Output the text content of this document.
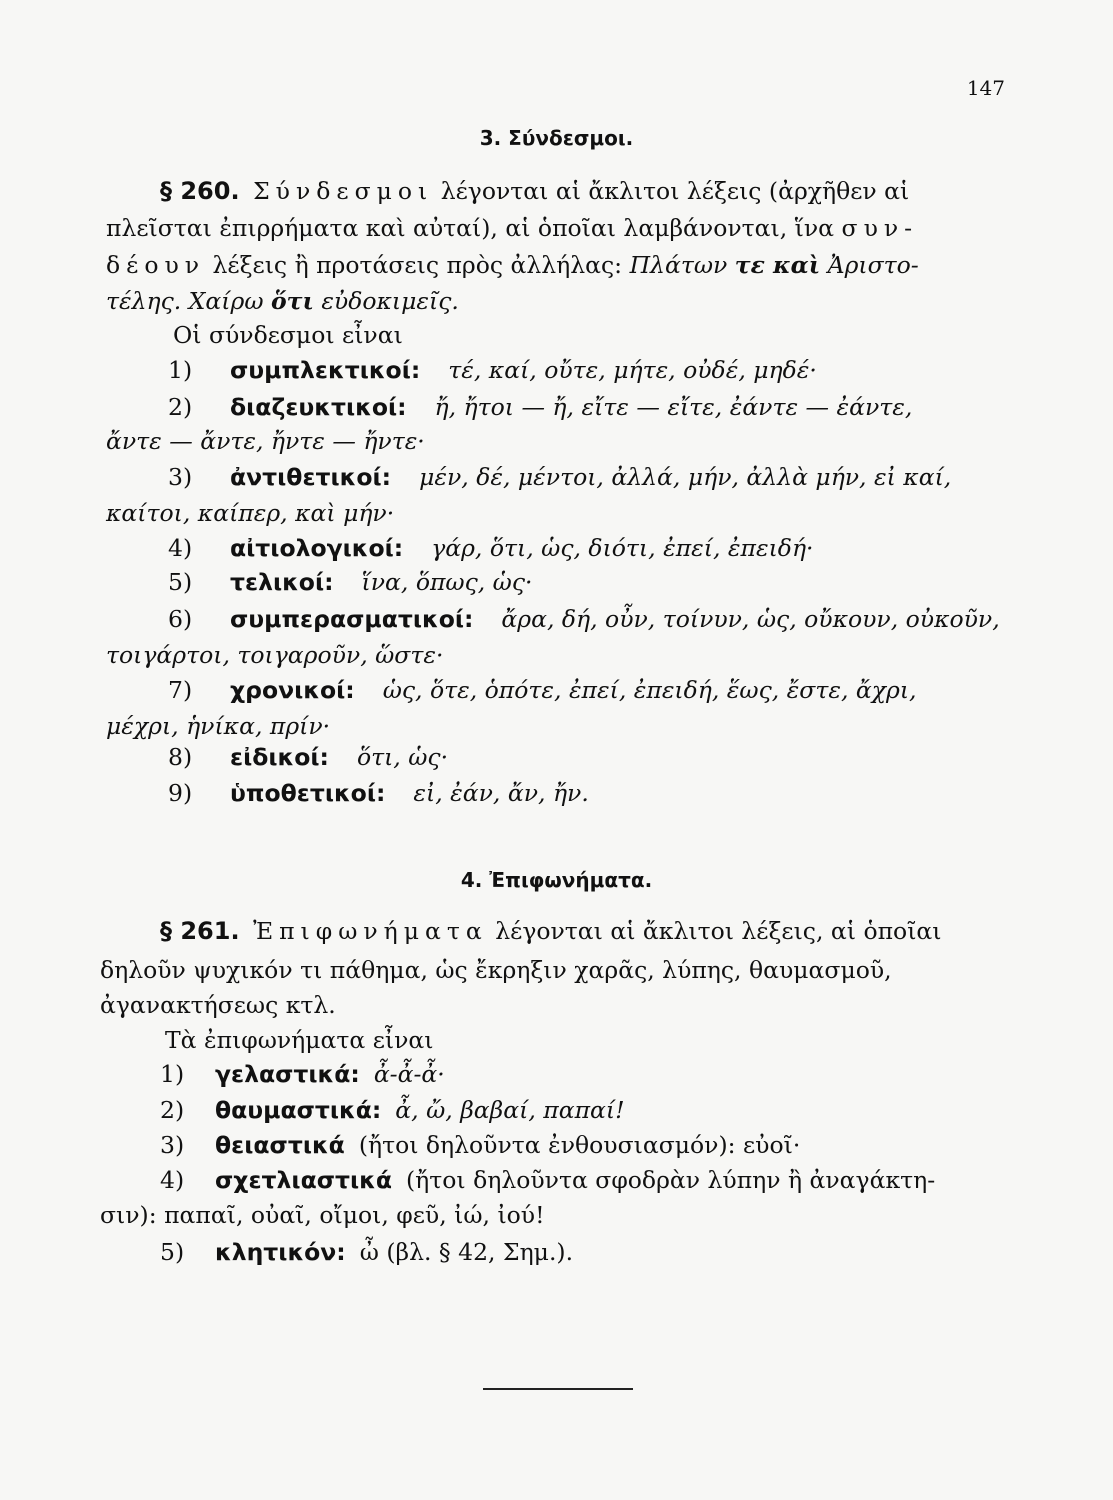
147
3. Σύνδεσμοι.
§ 260. Σύνδεσμοι λέγονται αἱ ἄκλιτοι λέξεις (ἀρχῆθεν αἱ
πλεῖσται ἐπιρρήματα καὶ αὐταί), αἱ ὁποῖαι λαμβάνονται, ἵνα συν-
δέουν λέξεις ἢ προτάσεις πρὸς ἀλλήλας: Πλάτων τε καὶ Ἀριστο-
τέλης. Χαίρω ὅτι εὐδοκιμεῖς.
Οἱ σύνδεσμοι εἶναι
1) συμπλεκτικοί: τέ, καί, οὔτε, μήτε, οὐδέ, μηδέ·
2) διαζευκτικοί: ἤ, ἤτοι — ἤ, εἴτε — εἴτε, ἐάντε — ἐάντε,
ἄντε — ἄντε, ἤντε — ἤντε·
3) ἀντιθετικοί: μέν, δέ, μέντοι, ἀλλά, μήν, ἀλλὰ μήν, εἰ καί,
καίτοι, καίπερ, καὶ μήν·
4) αἰτιολογικοί: γάρ, ὅτι, ὡς, διότι, ἐπεί, ἐπειδή·
5) τελικοί: ἵνα, ὅπως, ὡς·
6) συμπερασματικοί: ἄρα, δή, οὖν, τοίνυν, ὡς, οὔκουν, οὐκοῦν,
τοιγάρτοι, τοιγαροῦν, ὥστε·
7) χρονικοί: ὡς, ὅτε, ὁπότε, ἐπεί, ἐπειδή, ἕως, ἔστε, ἄχρι,
μέχρι, ἡνίκα, πρίν·
8) εἰδικοί: ὅτι, ὡς·
9) ὑποθετικοί: εἰ, ἐάν, ἄν, ἤν.
4. Ἐπιφωνήματα.
§ 261. Ἐπιφωνήματα λέγονται αἱ ἄκλιτοι λέξεις, αἱ ὁποῖαι
δηλοῦν ψυχικόν τι πάθημα, ὡς ἔκρηξιν χαρᾶς, λύπης, θαυμασμοῦ,
ἀγανακτήσεως κτλ.
Τὰ ἐπιφωνήματα εἶναι
1) γελαστικά: ἆ-ἆ-ἆ·
2) θαυμαστικά: ἆ, ὤ, βαβαί, παπαί!
3) θειαστικά (ἤτοι δηλοῦντα ἐνθουσιασμόν): εὐοῖ·
4) σχετλιαστικά (ἤτοι δηλοῦντα σφοδρὰν λύπην ἢ ἀναγάκτη-
σιν): παπαῖ, οὐαῖ, οἴμοι, φεῦ, ἰώ, ἰού!
5) κλητικόν: ὦ (βλ. § 42, Σημ.).
